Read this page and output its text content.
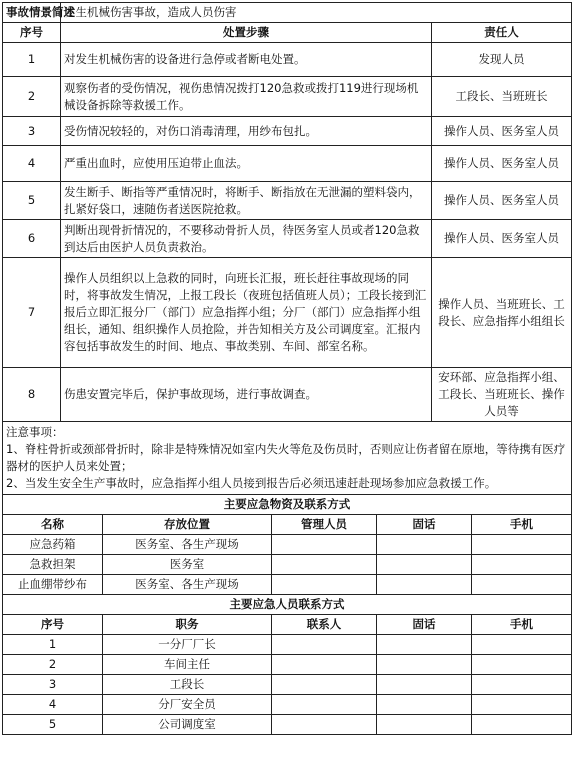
事故情景简述	发生机械伤害事故，造成人员伤害	
序号	处置步骤	责任人
1	对发生机械伤害的设备进行急停或者断电处置。	发现人员
2	观察伤者的受伤情况，视伤患情况拨打120急救或拨打119进行现场机械设备拆除等救援工作。	工段长、当班班长
3	受伤情况较轻的，对伤口消毒清理，用纱布包扎。	操作人员、医务室人员
4	严重出血时，应使用压迫带止血法。	操作人员、医务室人员
5	发生断手、断指等严重情况时，将断手、断指放在无泄漏的塑料袋内，扎紧好袋口，速随伤者送医院抢救。	操作人员、医务室人员
6	判断出现骨折情况的，不要移动骨折人员，待医务室人员或者120急救到达后由医护人员负责救治。	操作人员、医务室人员
7	操作人员组织以上急救的同时，向班长汇报，班长赶往事故现场的同时，将事故发生情况，上报工段长（夜班包括值班人员）；工段长接到汇报后立即汇报分厂（部门）应急指挥小组；分厂（部门）应急指挥小组组长，通知、组织操作人员抢险，并告知相关方及公司调度室。汇报内容包括事故发生的时间、地点、事故类别、车间、部室名称。	操作人员、当班班长、工段长、应急指挥小组组长
8	伤患安置完毕后，保护事故现场，进行事故调查。	安环部、应急指挥小组、工段长、当班班长、操作人员等

注意事项：
1、脊柱骨折或颈部骨折时，除非是特殊情况如室内失火等危及伤员时，否则应让伤者留在原地，等待携有医疗器材的医护人员来处置；
2、当发生安全生产事故时，应急指挥小组人员接到报告后必须迅速赶赴现场参加应急救援工作。		
主要应急物资及联系方式				
名称	存放位置	管理人员	固话	手机
应急药箱	医务室、各生产现场			
急救担架	医务室			
止血绷带纱布	医务室、各生产现场			
主要应急人员联系方式				
序号	职务	联系人	固话	手机
1	一分厂厂长			
2	车间主任			
3	工段长			
4	分厂安全员			
5	公司调度室			
